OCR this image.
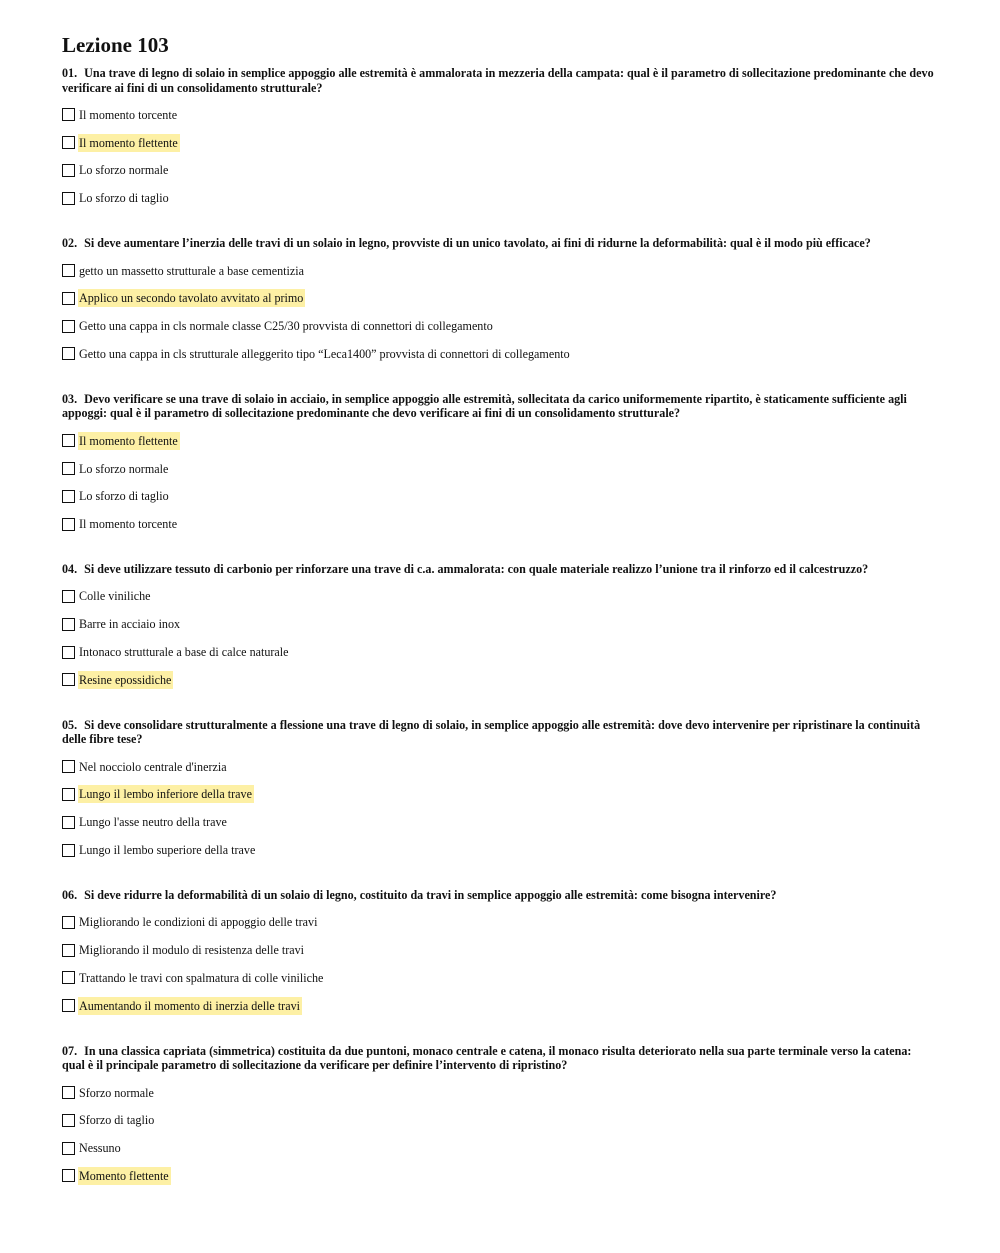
Lezione 103
01. Una trave di legno di solaio in semplice appoggio alle estremità è ammalorata in mezzeria della campata: qual è il parametro di sollecitazione predominante che devo verificare ai fini di un consolidamento strutturale?
Il momento torcente
Il momento flettente
Lo sforzo normale
Lo sforzo di taglio
02. Si deve aumentare l’inerzia delle travi di un solaio in legno, provviste di un unico tavolato, ai fini di ridurne la deformabilità: qual è il modo più efficace?
getto un massetto strutturale a base cementizia
Applico un secondo tavolato avvitato al primo
Getto una cappa in cls normale classe C25/30 provvista di connettori di collegamento
Getto una cappa in cls strutturale alleggerito tipo “Leca1400” provvista di connettori di collegamento
03. Devo verificare se una trave di solaio in acciaio, in semplice appoggio alle estremità, sollecitata da carico uniformemente ripartito, è staticamente sufficiente agli appoggi: qual è il parametro di sollecitazione predominante che devo verificare ai fini di un consolidamento strutturale?
Il momento flettente
Lo sforzo normale
Lo sforzo di taglio
Il momento torcente
04. Si deve utilizzare tessuto di carbonio per rinforzare una trave di c.a. ammalorata: con quale materiale realizzo l’unione tra il rinforzo ed il calcestruzzo?
Colle viniliche
Barre in acciaio inox
Intonaco strutturale a base di calce naturale
Resine epossidiche
05. Si deve consolidare strutturalmente a flessione una trave di legno di solaio, in semplice appoggio alle estremità: dove devo intervenire per ripristinare la continuità delle fibre tese?
Nel nocciolo centrale d'inerzia
Lungo il lembo inferiore della trave
Lungo l'asse neutro della trave
Lungo il lembo superiore della trave
06. Si deve ridurre la deformabilità di un solaio di legno, costituito da travi in semplice appoggio alle estremità: come bisogna intervenire?
Migliorando le condizioni di appoggio delle travi
Migliorando il modulo di resistenza delle travi
Trattando le travi con spalmatura di colle viniliche
Aumentando il momento di inerzia delle travi
07. In una classica capriata (simmetrica) costituita da due puntoni, monaco centrale e catena, il monaco risulta deteriorato nella sua parte terminale verso la catena: qual è il principale parametro di sollecitazione da verificare per definire l’intervento di ripristino?
Sforzo normale
Sforzo di taglio
Nessuno
Momento flettente
